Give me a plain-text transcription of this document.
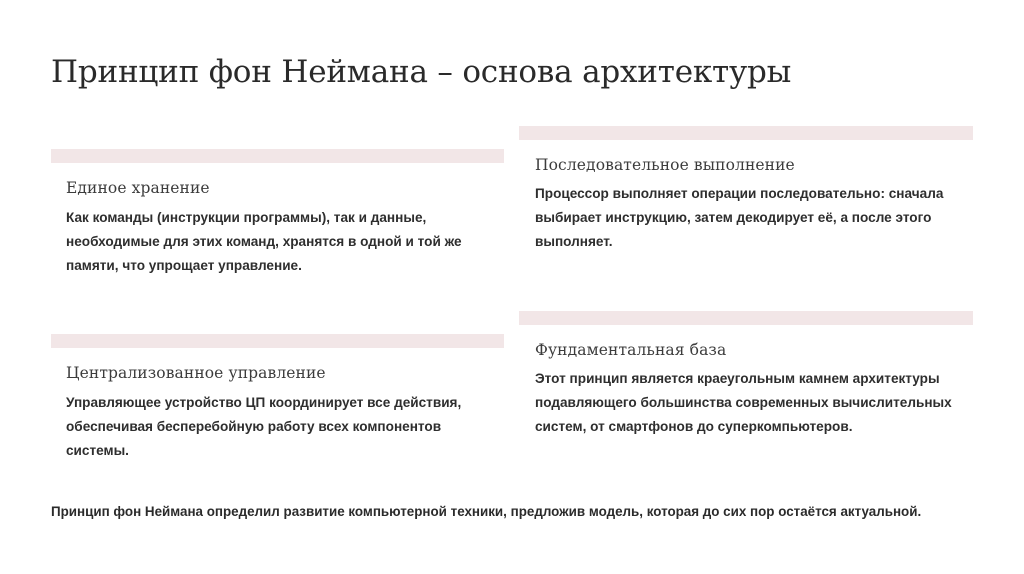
Принцип фон Неймана – основа архитектуры
Единое хранение

Как команды (инструкции программы), так и данные, необходимые для этих команд, хранятся в одной и той же памяти, что упрощает управление.

Последовательное выполнение

Процессор выполняет операции последовательно: сначала выбирает инструкцию, затем декодирует её, а после этого выполняет.

Централизованное управление

Управляющее устройство ЦП координирует все действия, обеспечивая бесперебойную работу всех компонентов системы.

Фундаментальная база

Этот принцип является краеугольным камнем архитектуры подавляющего большинства современных вычислительных систем, от смартфонов до суперкомпьютеров.

Принцип фон Неймана определил развитие компьютерной техники, предложив модель, которая до сих пор остаётся актуальной.
